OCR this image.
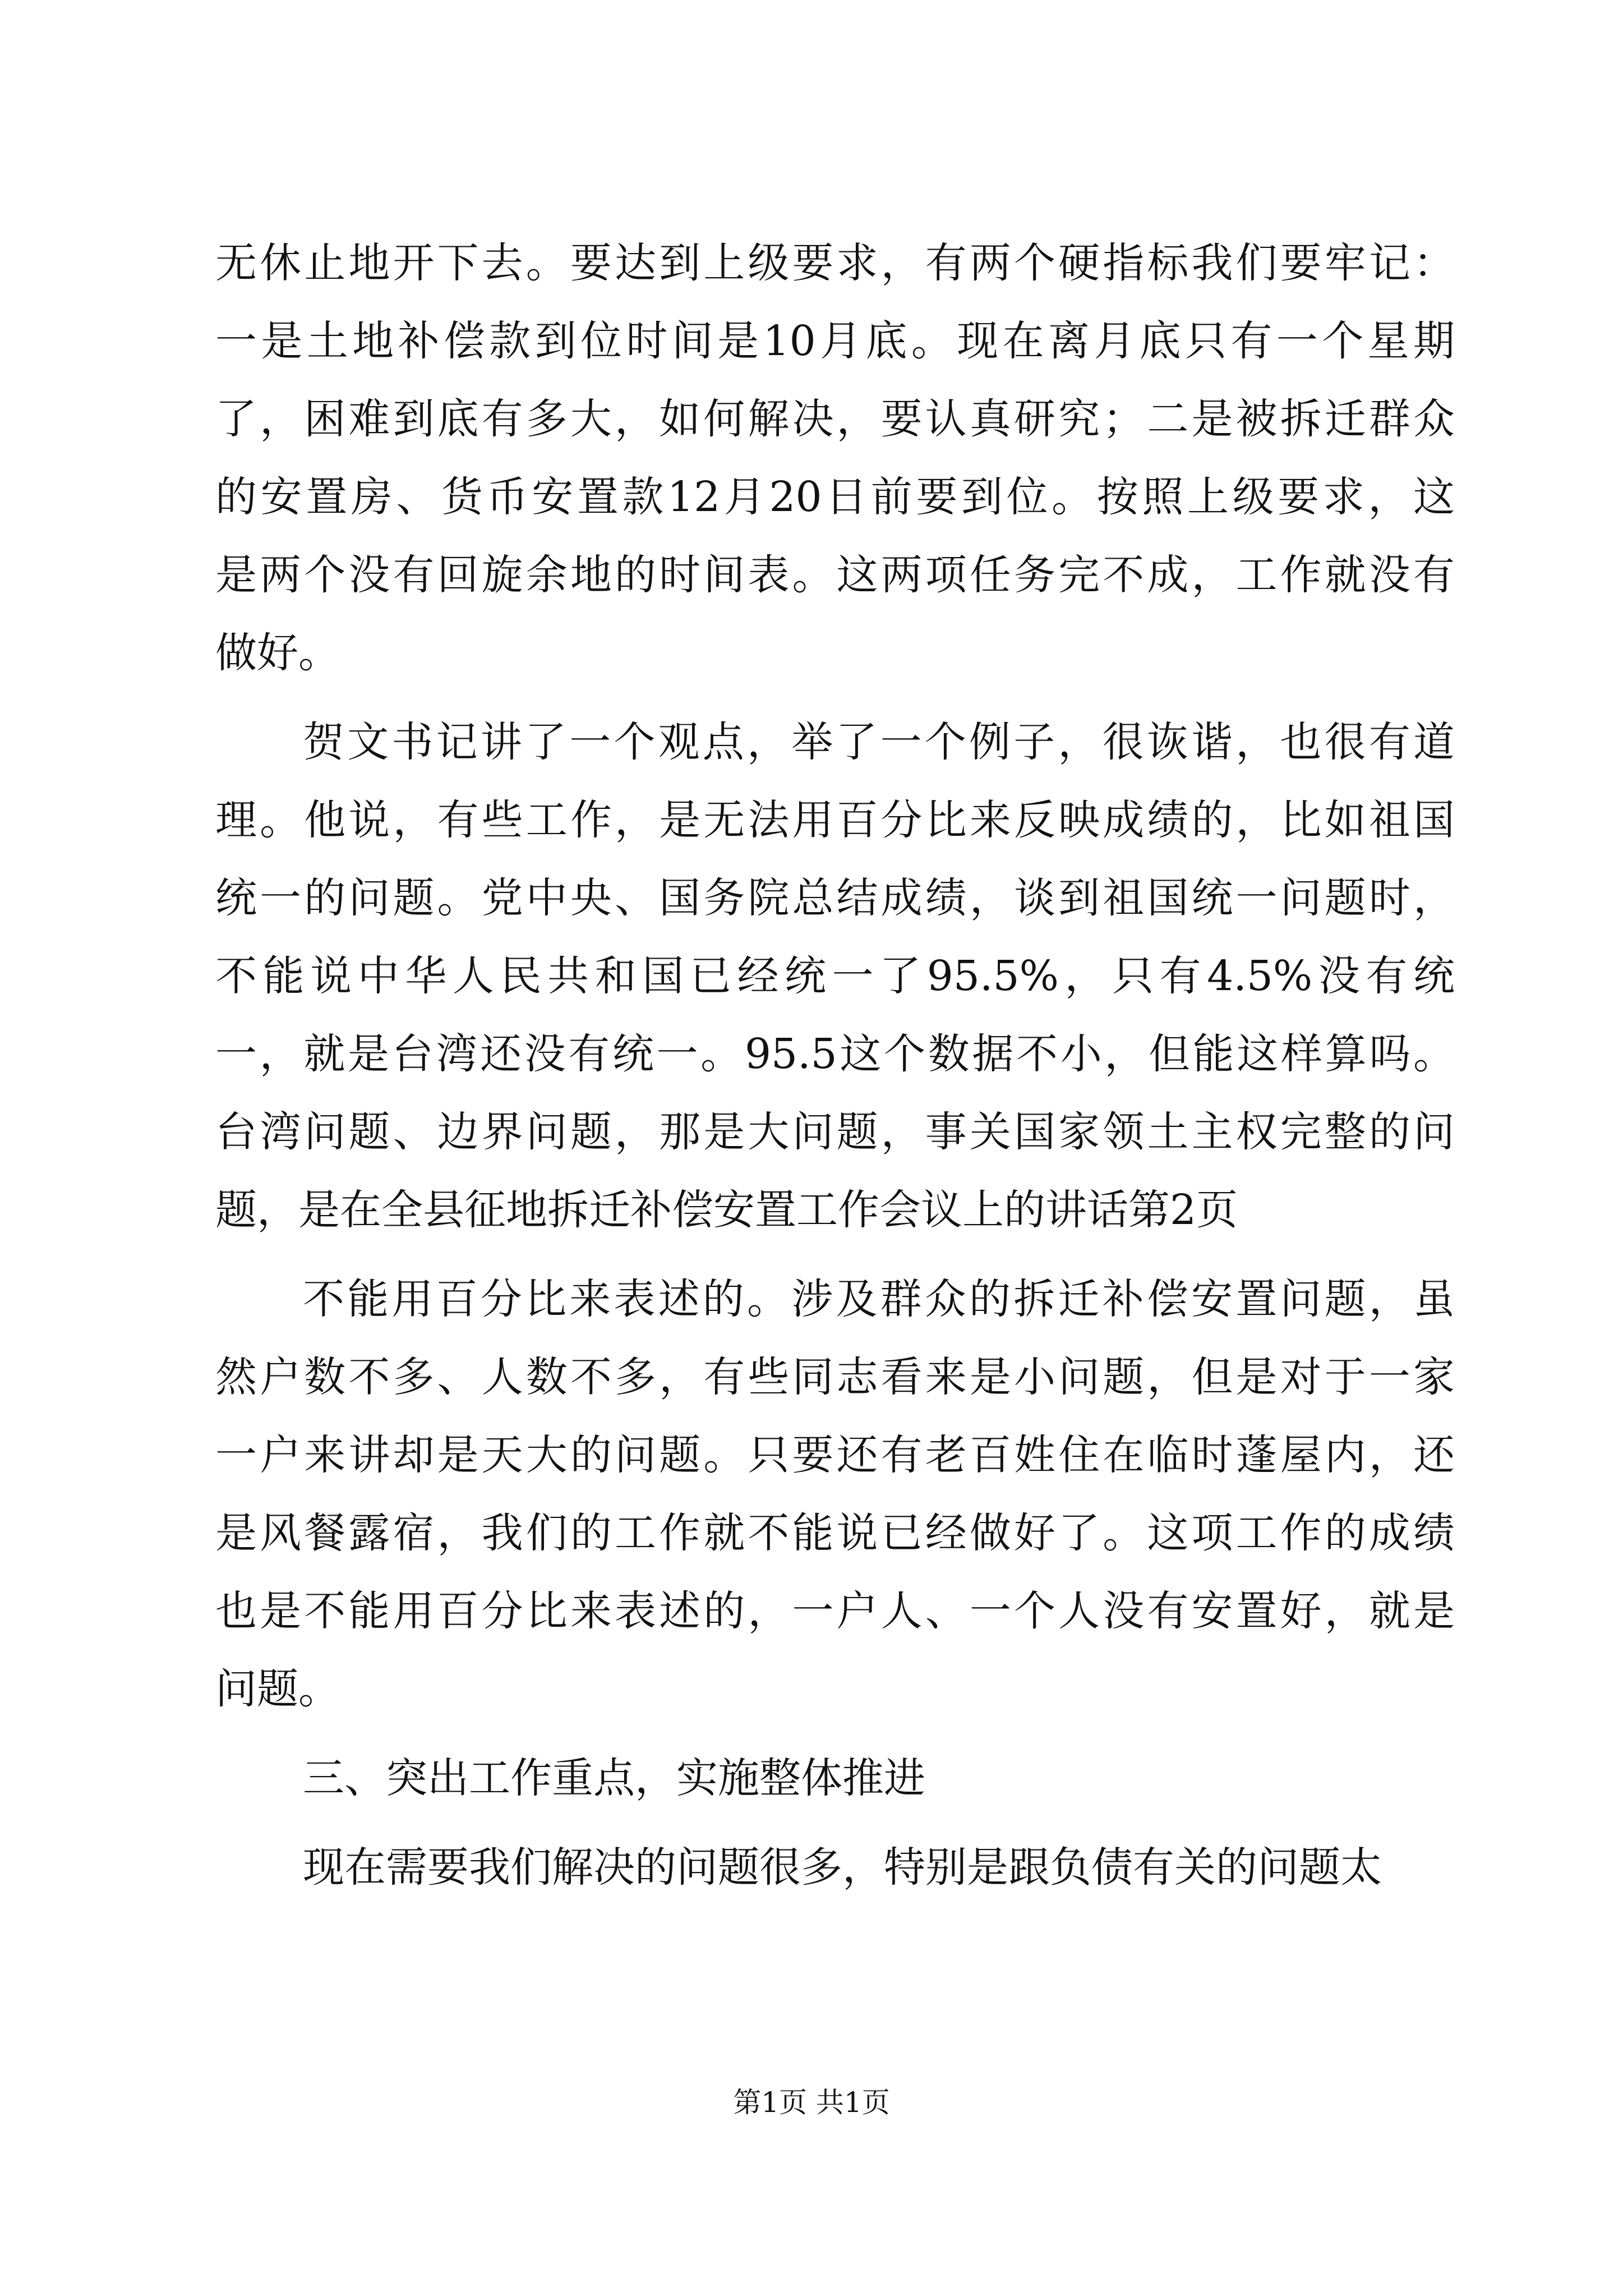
无休止地开下去。要达到上级要求，有两个硬指标我们要牢记：
一是土地补偿款到位时间是10月底。现在离月底只有一个星期
了，困难到底有多大，如何解决，要认真研究；二是被拆迁群众
的安置房、货币安置款12月20日前要到位。按照上级要求，这
是两个没有回旋余地的时间表。这两项任务完不成，工作就没有
做好。
贺文书记讲了一个观点，举了一个例子，很诙谐，也很有道
理。他说，有些工作，是无法用百分比来反映成绩的，比如祖国
统一的问题。党中央、国务院总结成绩，谈到祖国统一问题时，
不能说中华人民共和国已经统一了95.5%，只有4.5%没有统
一，就是台湾还没有统一。95.5这个数据不小，但能这样算吗。
台湾问题、边界问题，那是大问题，事关国家领土主权完整的问
题，是在全县征地拆迁补偿安置工作会议上的讲话第2页
不能用百分比来表述的。涉及群众的拆迁补偿安置问题，虽
然户数不多、人数不多，有些同志看来是小问题，但是对于一家
一户来讲却是天大的问题。只要还有老百姓住在临时蓬屋内，还
是风餐露宿，我们的工作就不能说已经做好了。这项工作的成绩
也是不能用百分比来表述的，一户人、一个人没有安置好，就是
问题。
三、突出工作重点，实施整体推进
现在需要我们解决的问题很多，特别是跟负债有关的问题太
第1页 共1页
